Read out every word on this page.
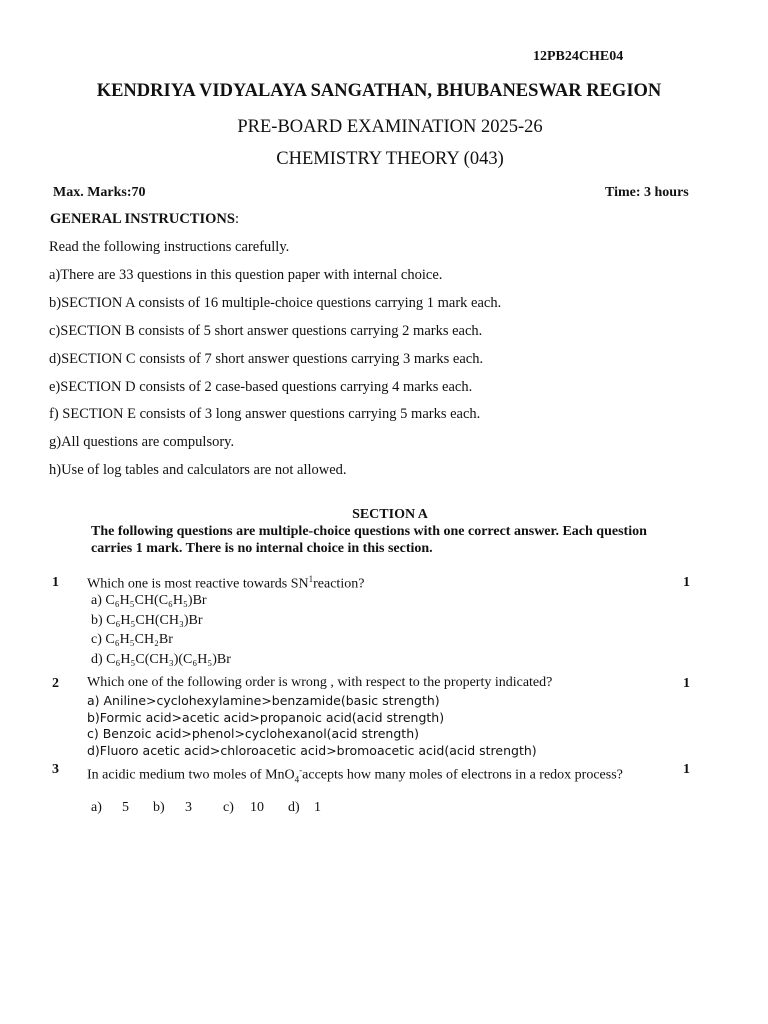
12PB24CHE04
KENDRIYA VIDYALAYA SANGATHAN, BHUBANESWAR REGION
PRE-BOARD EXAMINATION 2025-26
CHEMISTRY THEORY (043)
Max. Marks:70	Time: 3 hours
GENERAL INSTRUCTIONS:
Read the following instructions carefully.
a)There are 33 questions in this question paper with internal choice.
b)SECTION A consists of 16 multiple-choice questions carrying 1 mark each.
c)SECTION B consists of 5 short answer questions carrying 2 marks each.
d)SECTION C consists of 7 short answer questions carrying 3 marks each.
e)SECTION D consists of 2 case-based questions carrying 4 marks each.
f) SECTION E consists of 3 long answer questions carrying 5 marks each.
g)All questions are compulsory.
h)Use of log tables and calculators are not allowed.
SECTION A
The following questions are multiple-choice questions with one correct answer. Each question carries 1 mark. There is no internal choice in this section.
1	1
Which one is most reactive towards $SN^1reaction$?
a) C₆H₅CH(C₆H₅)Br
b) C₆H₅CH(CH₃)Br
c) C₆H₅CH₂Br
d) C₆H₅C(CH₃)(C₆H₅)Br
2	1
Which one of the following order is wrong , with respect to the property indicated?
a) Aniline>cyclohexylamine>benzamide(basic strength)
b)Formic acid>acetic acid>propanoic acid(acid strength)
c) Benzoic acid>phenol>cyclohexanol(acid strength)
d)Fluoro acetic acid>chloroacetic acid>bromoacetic acid(acid strength)
3	1
In acidic medium two moles of MnO$_4$-accepts how many moles of electrons in a redox process?
a) 5 b) 3 c) 10 d) 1
